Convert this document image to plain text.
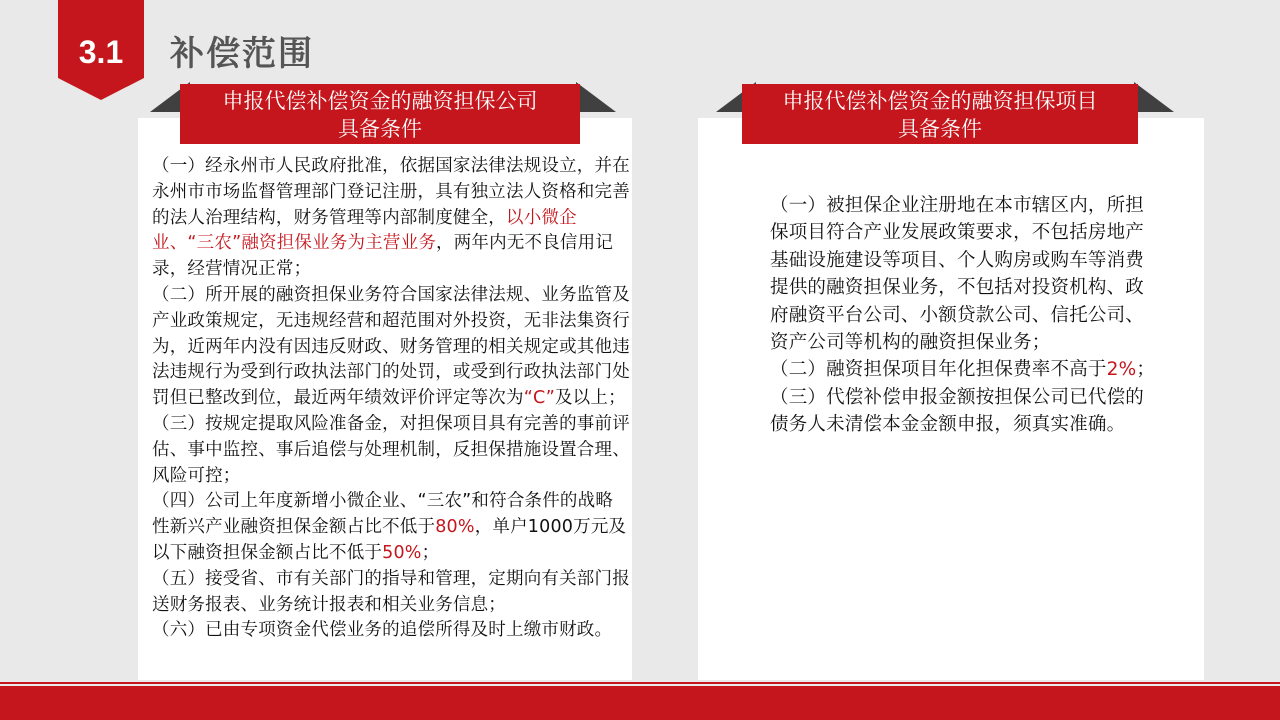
3.1	补偿范围
申报代偿补偿资金的融资担保公司
具备条件

（一）经永州市人民政府批准，依据国家法律法规设立，并在永州市市场监督管理部门登记注册，具有独立法人资格和完善的法人治理结构，财务管理等内部制度健全，以小微企业、“三农”融资担保业务为主营业务，两年内无不良信用记录，经营情况正常；

（二）所开展的融资担保业务符合国家法律法规、业务监管及产业政策规定，无违规经营和超范围对外投资，无非法集资行为，近两年内没有因违反财政、财务管理的相关规定或其他违法违规行为受到行政执法部门的处罚，或受到行政执法部门处罚但已整改到位，最近两年绩效评价评定等次为“C”及以上；

（三）按规定提取风险准备金，对担保项目具有完善的事前评估、事中监控、事后追偿与处理机制，反担保措施设置合理、风险可控；

（四）公司上年度新增小微企业、“三农”和符合条件的战略性新兴产业融资担保金额占比不低于80%，单户1000万元及以下融资担保金额占比不低于50%；

（五）接受省、市有关部门的指导和管理，定期向有关部门报送财务报表、业务统计报表和相关业务信息；

（六）已由专项资金代偿业务的追偿所得及时上缴市财政。

申报代偿补偿资金的融资担保项目
具备条件

（一）被担保企业注册地在本市辖区内，所担保项目符合产业发展政策要求，不包括房地产基础设施建设等项目、个人购房或购车等消费提供的融资担保业务，不包括对投资机构、政府融资平台公司、小额贷款公司、信托公司、资产公司等机构的融资担保业务；

（二）融资担保项目年化担保费率不高于2%；

（三）代偿补偿申报金额按担保公司已代偿的债务人未清偿本金金额申报，须真实准确。
